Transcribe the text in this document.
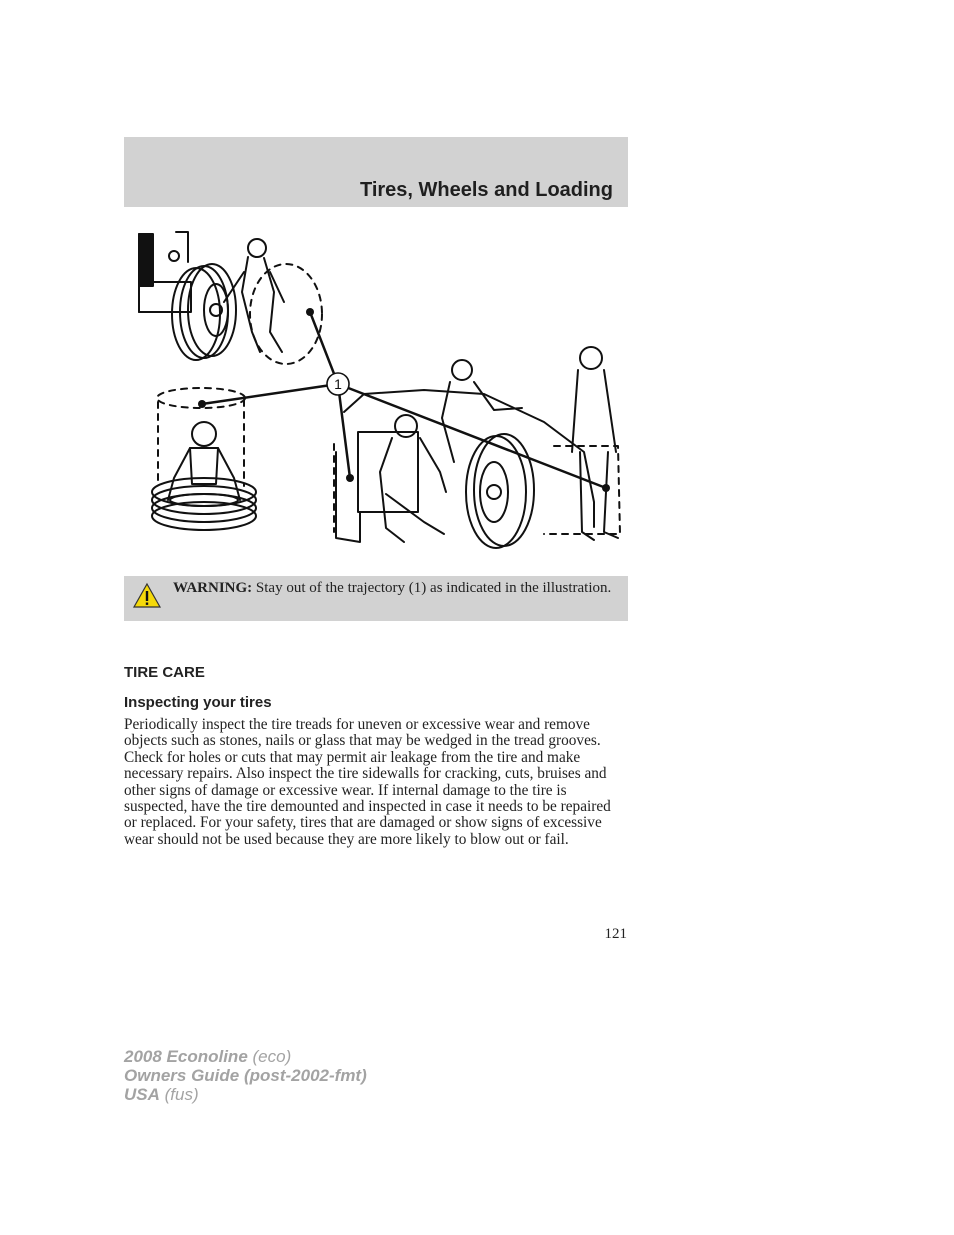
Tires, Wheels and Loading
1
WARNING: Stay out of the trajectory (1) as indicated in the illustration.
TIRE CARE
Inspecting your tires

Periodically inspect the tire treads for uneven or excessive wear and remove objects such as stones, nails or glass that may be wedged in the tread grooves. Check for holes or cuts that may permit air leakage from the tire and make necessary repairs. Also inspect the tire sidewalls for cracking, cuts, bruises and other signs of damage or excessive wear. If internal damage to the tire is suspected, have the tire demounted and inspected in case it needs to be repaired or replaced. For your safety, tires that are damaged or show signs of excessive wear should not be used because they are more likely to blow out or fail.

121
2008 Econoline (eco)
Owners Guide (post-2002-fmt)
USA (fus)
